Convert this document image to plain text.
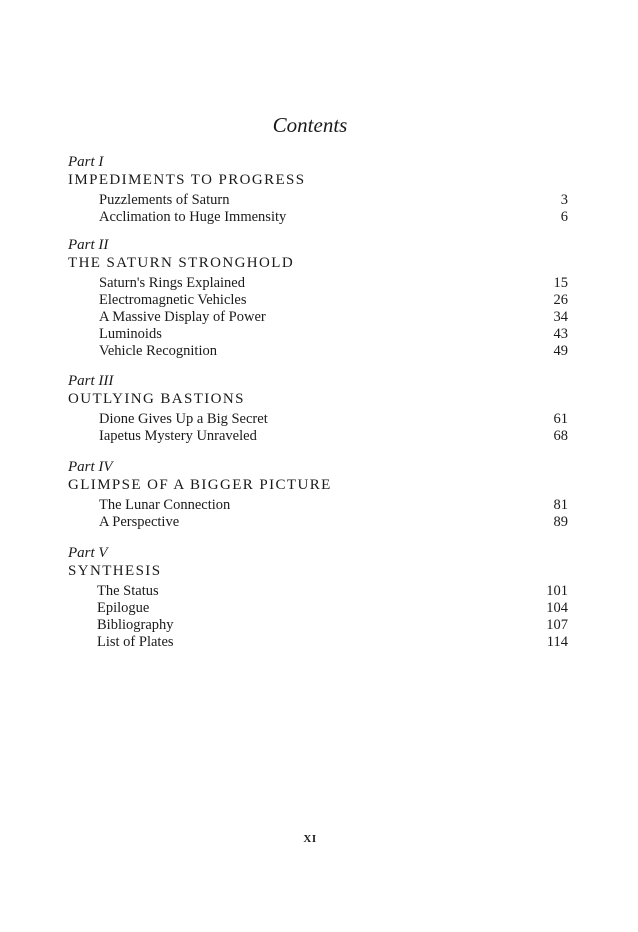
Contents
Part I
IMPEDIMENTS TO PROGRESS
Puzzlements of Saturn	3
Acclimation to Huge Immensity	6
Part II
THE SATURN STRONGHOLD
Saturn's Rings Explained	15
Electromagnetic Vehicles	26
A Massive Display of Power	34
Luminoids	43
Vehicle Recognition	49
Part III
OUTLYING BASTIONS
Dione Gives Up a Big Secret	61
Iapetus Mystery Unraveled	68
Part IV
GLIMPSE OF A BIGGER PICTURE
The Lunar Connection	81
A Perspective	89
Part V
SYNTHESIS
The Status	101
Epilogue	104
Bibliography	107
List of Plates	114
XI
